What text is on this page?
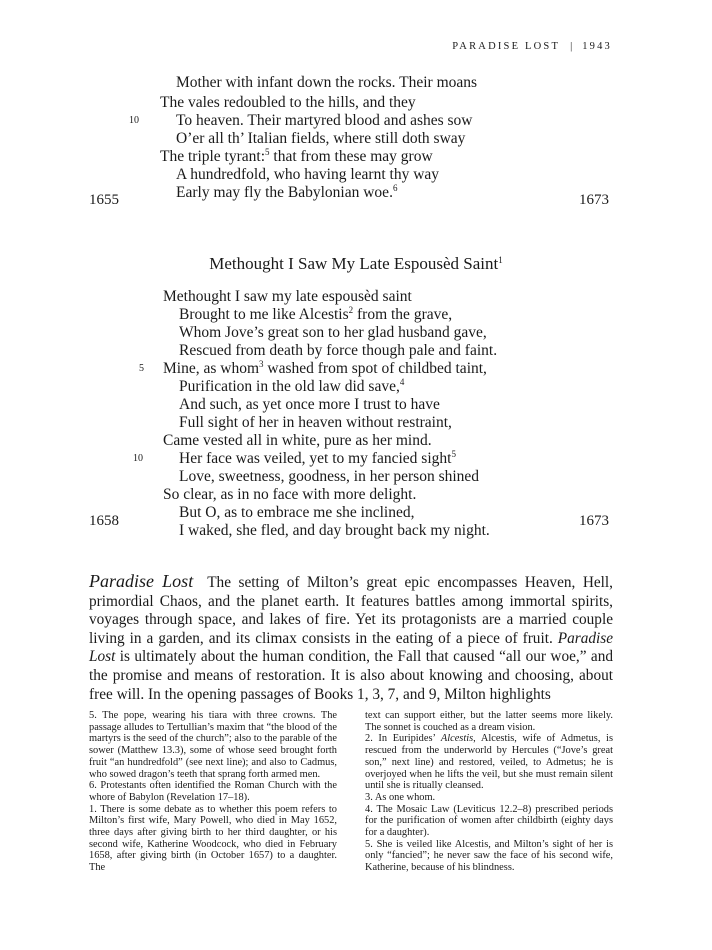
PARADISE LOST | 1943
Mother with infant down the rocks. Their moans
The vales redoubled to the hills, and they
10 To heaven. Their martyred blood and ashes sow
O’er all th’ Italian fields, where still doth sway
The triple tyrant:$^5$ that from these may grow
A hundredfold, who having learnt thy way
Early may fly the Babylonian woe.$^6$
1655	1673
Methought I Saw My Late Espousèd Saint$^1$
Methought I saw my late espousèd saint
Brought to me like Alcestis$^2$ from the grave,
Whom Jove’s great son to her glad husband gave,
Rescued from death by force though pale and faint.
5 Mine, as whom$^3$ washed from spot of childbed taint,
Purification in the old law did save,$^4$
And such, as yet once more I trust to have
Full sight of her in heaven without restraint,
Came vested all in white, pure as her mind.
10 Her face was veiled, yet to my fancied sight$^5$
Love, sweetness, goodness, in her person shined
So clear, as in no face with more delight.
But O, as to embrace me she inclined,
I waked, she fled, and day brought back my night.
1658	1673
Paradise Lost The setting of Milton’s great epic encompasses Heaven, Hell, primordial Chaos, and the planet earth. It features battles among immortal spirits, voyages through space, and lakes of fire. Yet its protagonists are a married couple living in a garden, and its climax consists in the eating of a piece of fruit. Paradise Lost is ultimately about the human condition, the Fall that caused “all our woe,” and the promise and means of restoration. It is also about knowing and choosing, about free will. In the opening passages of Books 1, 3, 7, and 9, Milton highlights

5. The pope, wearing his tiara with three crowns. The passage alludes to Tertullian’s maxim that “the blood of the martyrs is the seed of the church”; also to the parable of the sower (Matthew 13.3), some of whose seed brought forth fruit “an hundredfold” (see next line); and also to Cadmus, who sowed dragon’s teeth that sprang forth armed men.

6. Protestants often identified the Roman Church with the whore of Babylon (Revelation 17–18).

1. There is some debate as to whether this poem refers to Milton’s first wife, Mary Powell, who died in May 1652, three days after giving birth to her third daughter, or his second wife, Katherine Woodcock, who died in February 1658, after giving birth (in October 1657) to a daughter. The

text can support either, but the latter seems more likely. The sonnet is couched as a dream vision.

2. In Euripides’ Alcestis, Alcestis, wife of Admetus, is rescued from the underworld by Hercules (“Jove’s great son,” next line) and restored, veiled, to Admetus; he is overjoyed when he lifts the veil, but she must remain silent until she is ritually cleansed.

3. As one whom.

4. The Mosaic Law (Leviticus 12.2–8) prescribed periods for the purification of women after childbirth (eighty days for a daughter).

5. She is veiled like Alcestis, and Milton’s sight of her is only “fancied”; he never saw the face of his second wife, Katherine, because of his blindness.
